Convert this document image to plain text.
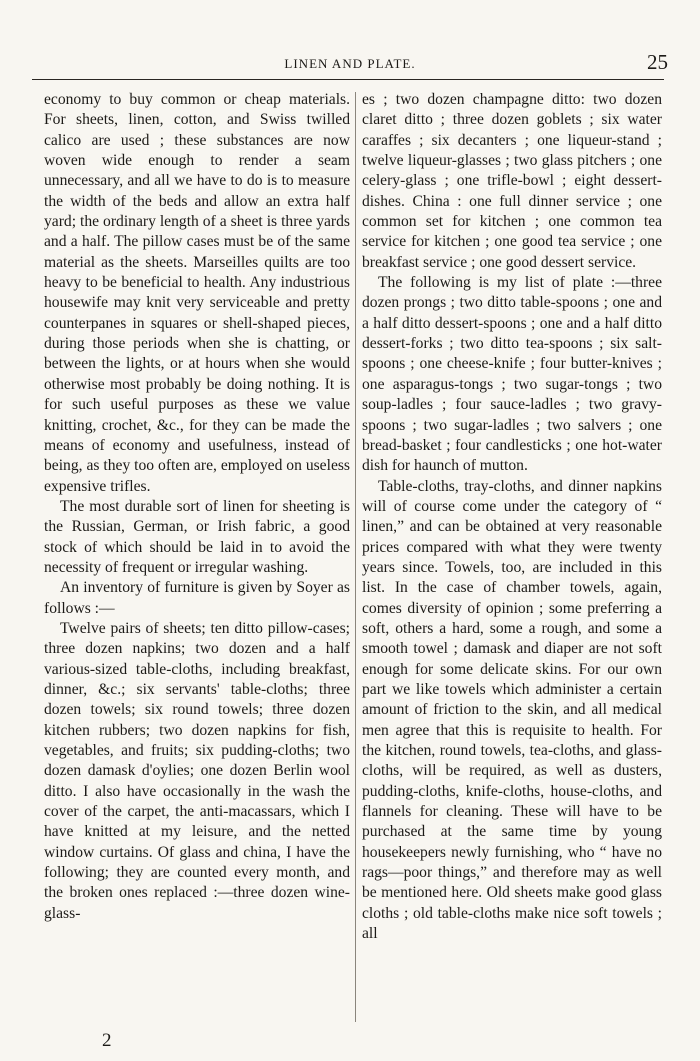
LINEN AND PLATE.	25

economy to buy common or cheap materials. For sheets, linen, cotton, and Swiss twilled calico are used ; these substances are now woven wide enough to render a seam unnecessary, and all we have to do is to measure the width of the beds and allow an extra half yard; the ordinary length of a sheet is three yards and a half. The pillow cases must be of the same material as the sheets. Marseilles quilts are too heavy to be beneficial to health. Any industrious housewife may knit very serviceable and pretty counterpanes in squares or shell-shaped pieces, during those periods when she is chatting, or between the lights, or at hours when she would otherwise most probably be doing nothing. It is for such useful purposes as these we value knitting, crochet, &c., for they can be made the means of economy and usefulness, instead of being, as they too often are, employed on useless expensive trifles.

The most durable sort of linen for sheeting is the Russian, German, or Irish fabric, a good stock of which should be laid in to avoid the necessity of frequent or irregular washing.

An inventory of furniture is given by Soyer as follows :—

Twelve pairs of sheets; ten ditto pillow-cases; three dozen napkins; two dozen and a half various-sized table-cloths, including breakfast, dinner, &c.; six servants' table-cloths; three dozen towels; six round towels; three dozen kitchen rubbers; two dozen napkins for fish, vegetables, and fruits; six pudding-cloths; two dozen damask d'oylies; one dozen Berlin wool ditto. I also have occasionally in the wash the cover of the carpet, the anti-macassars, which I have knitted at my leisure, and the netted window curtains. Of glass and china, I have the following; they are counted every month, and the broken ones replaced :—three dozen wine-glass-

es ; two dozen champagne ditto: two dozen claret ditto ; three dozen goblets ; six water caraffes ; six decanters ; one liqueur-stand ; twelve liqueur-glasses ; two glass pitchers ; one celery-glass ; one trifle-bowl ; eight dessert-dishes. China : one full dinner service ; one common set for kitchen ; one common tea service for kitchen ; one good tea service ; one breakfast service ; one good dessert service.

The following is my list of plate :—three dozen prongs ; two ditto table-spoons ; one and a half ditto dessert-spoons ; one and a half ditto dessert-forks ; two ditto tea-spoons ; six salt-spoons ; one cheese-knife ; four butter-knives ; one asparagus-tongs ; two sugar-tongs ; two soup-ladles ; four sauce-ladles ; two gravy-spoons ; two sugar-ladles ; two salvers ; one bread-basket ; four candlesticks ; one hot-water dish for haunch of mutton.

Table-cloths, tray-cloths, and dinner napkins will of course come under the category of “ linen,” and can be obtained at very reasonable prices compared with what they were twenty years since. Towels, too, are included in this list. In the case of chamber towels, again, comes diversity of opinion ; some preferring a soft, others a hard, some a rough, and some a smooth towel ; damask and diaper are not soft enough for some delicate skins. For our own part we like towels which administer a certain amount of friction to the skin, and all medical men agree that this is requisite to health. For the kitchen, round towels, tea-cloths, and glass-cloths, will be required, as well as dusters, pudding-cloths, knife-cloths, house-cloths, and flannels for cleaning. These will have to be purchased at the same time by young housekeepers newly furnishing, who “ have no rags—poor things,” and therefore may as well be mentioned here. Old sheets make good glass cloths ; old table-cloths make nice soft towels ; all

2
